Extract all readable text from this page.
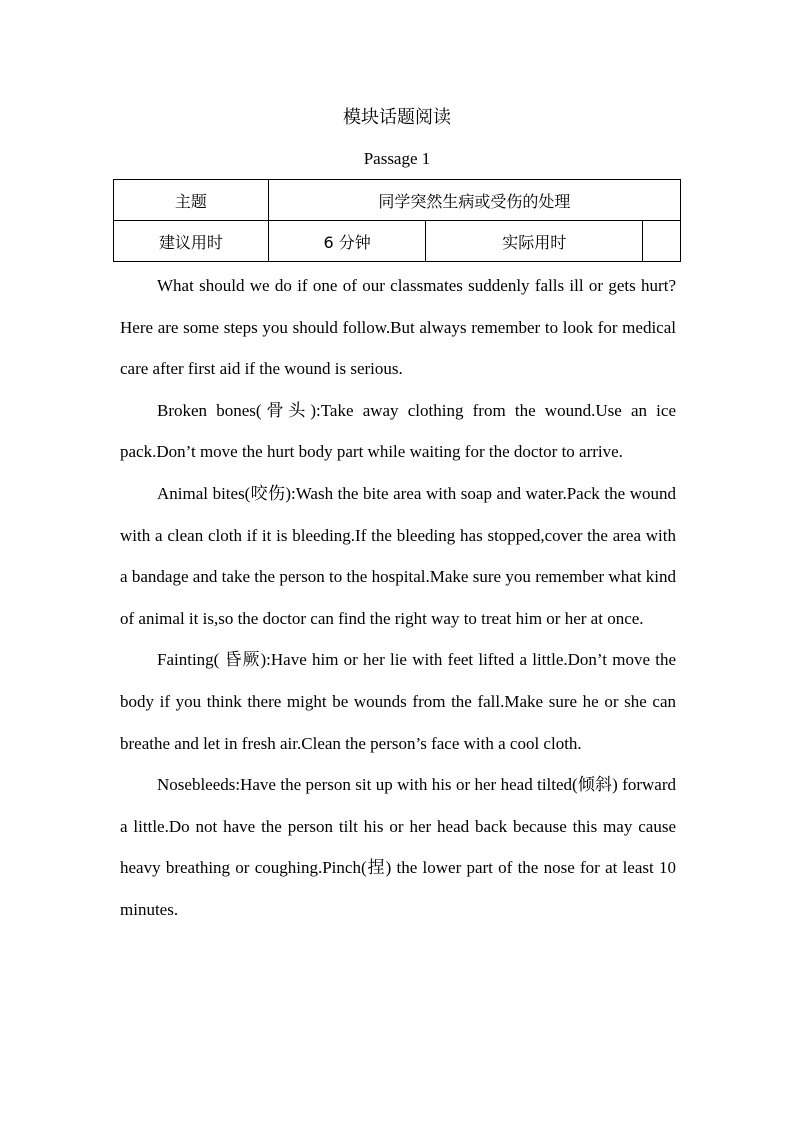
模块话题阅读
Passage 1
主题	同学突然生病或受伤的处理		
建议用时	6 分钟	实际用时	

What should we do if one of our classmates suddenly falls ill or gets hurt? Here are some steps you should follow.But always remember to look for medical care after first aid if the wound is serious.

Broken bones(骨头):Take away clothing from the wound.Use an ice pack.Don’t move the hurt body part while waiting for the doctor to arrive.

Animal bites(咬伤):Wash the bite area with soap and water.Pack the wound with a clean cloth if it is bleeding.If the bleeding has stopped,cover the area with a bandage and take the person to the hospital.Make sure you remember what kind of animal it is,so the doctor can find the right way to treat him or her at once.

Fainting( 昏厥):Have him or her lie with feet lifted a little.Don’t move the body if you think there might be wounds from the fall.Make sure he or she can breathe and let in fresh air.Clean the person’s face with a cool cloth.

Nosebleeds:Have the person sit up with his or her head tilted(倾斜) forward a little.Do not have the person tilt his or her head back because this may cause heavy breathing or coughing.Pinch(捏) the lower part of the nose for at least 10 minutes.
